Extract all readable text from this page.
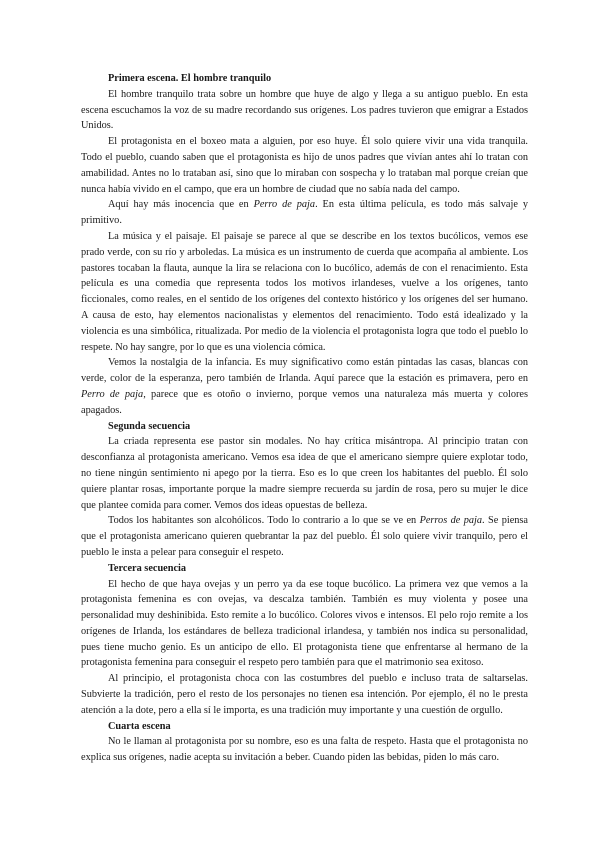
Primera escena. El hombre tranquilo

El hombre tranquilo trata sobre un hombre que huye de algo y llega a su antiguo pueblo. En esta escena escuchamos la voz de su madre recordando sus orígenes. Los padres tuvieron que emigrar a Estados Unidos.

El protagonista en el boxeo mata a alguien, por eso huye. Él solo quiere vivir una vida tranquila. Todo el pueblo, cuando saben que el protagonista es hijo de unos padres que vivían antes ahí lo tratan con amabilidad. Antes no lo trataban así, sino que lo miraban con sospecha y lo trataban mal porque creían que nunca había vivido en el campo, que era un hombre de ciudad que no sabía nada del campo.

Aquí hay más inocencia que en Perro de paja. En esta última película, es todo más salvaje y primitivo.

La música y el paisaje. El paisaje se parece al que se describe en los textos bucólicos, vemos ese prado verde, con su río y arboledas. La música es un instrumento de cuerda que acompaña al ambiente. Los pastores tocaban la flauta, aunque la lira se relaciona con lo bucólico, además de con el renacimiento. Esta película es una comedia que representa todos los motivos irlandeses, vuelve a los orígenes, tanto ficcionales, como reales, en el sentido de los orígenes del contexto histórico y los orígenes del ser humano. A causa de esto, hay elementos nacionalistas y elementos del renacimiento. Todo está idealizado y la violencia es una simbólica, ritualizada. Por medio de la violencia el protagonista logra que todo el pueblo lo respete. No hay sangre, por lo que es una violencia cómica.

Vemos la nostalgia de la infancia. Es muy significativo como están pintadas las casas, blancas con verde, color de la esperanza, pero también de Irlanda. Aquí parece que la estación es primavera, pero en Perro de paja, parece que es otoño o invierno, porque vemos una naturaleza más muerta y colores apagados.

Segunda secuencia

La criada representa ese pastor sin modales. No hay crítica misántropa. Al principio tratan con desconfianza al protagonista americano. Vemos esa idea de que el americano siempre quiere explotar todo, no tiene ningún sentimiento ni apego por la tierra. Eso es lo que creen los habitantes del pueblo. Él solo quiere plantar rosas, importante porque la madre siempre recuerda su jardín de rosa, pero su mujer le dice que plantee comida para comer. Vemos dos ideas opuestas de belleza.

Todos los habitantes son alcohólicos. Todo lo contrario a lo que se ve en Perros de paja. Se piensa que el protagonista americano quieren quebrantar la paz del pueblo. Él solo quiere vivir tranquilo, pero el pueblo le insta a pelear para conseguir el respeto.

Tercera secuencia

El hecho de que haya ovejas y un perro ya da ese toque bucólico. La primera vez que vemos a la protagonista femenina es con ovejas, va descalza también. También es muy violenta y posee una personalidad muy deshinibida. Esto remite a lo bucólico. Colores vivos e intensos. El pelo rojo remite a los orígenes de Irlanda, los estándares de belleza tradicional irlandesa, y también nos indica su personalidad, pues tiene mucho genio. Es un anticipo de ello. El protagonista tiene que enfrentarse al hermano de la protagonista femenina para conseguir el respeto pero también para que el matrimonio sea exitoso.

Al principio, el protagonista choca con las costumbres del pueblo e incluso trata de saltarselas. Subvierte la tradición, pero el resto de los personajes no tienen esa intención. Por ejemplo, él no le presta atención a la dote, pero a ella sí le importa, es una tradición muy importante y una cuestión de orgullo.

Cuarta escena

No le llaman al protagonista por su nombre, eso es una falta de respeto. Hasta que el protagonista no explica sus orígenes, nadie acepta su invitación a beber. Cuando piden las bebidas, piden lo más caro.
